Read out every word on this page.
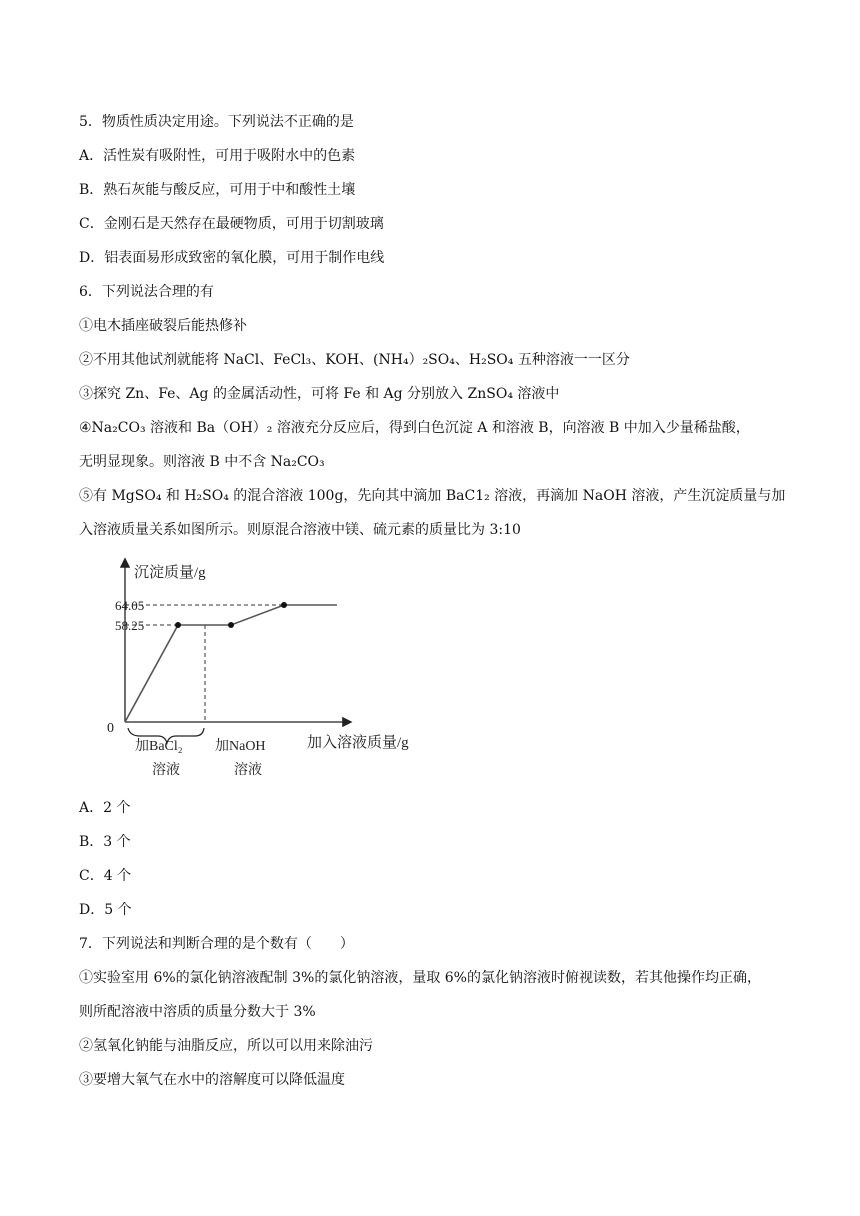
5．物质性质决定用途。下列说法不正确的是
A．活性炭有吸附性，可用于吸附水中的色素
B．熟石灰能与酸反应，可用于中和酸性土壤
C．金刚石是天然存在最硬物质，可用于切割玻璃
D．铝表面易形成致密的氧化膜，可用于制作电线
6．下列说法合理的有
①电木插座破裂后能热修补
②不用其他试剂就能将 NaCl、FeCl₃、KOH、(NH₄）₂SO₄、H₂SO₄ 五种溶液一一区分
③探究 Zn、Fe、Ag 的金属活动性，可将 Fe 和 Ag 分别放入 ZnSO₄ 溶液中
④Na₂CO₃ 溶液和 Ba（OH）₂ 溶液充分反应后，得到白色沉淀 A 和溶液 B，向溶液 B 中加入少量稀盐酸，
无明显现象。则溶液 B 中不含 Na₂CO₃
⑤有 MgSO₄ 和 H₂SO₄ 的混合溶液 100g，先向其中滴加 BaC1₂ 溶液，再滴加 NaOH 溶液，产生沉淀质量与加
入溶液质量关系如图所示。则原混合溶液中镁、硫元素的质量比为 3:10
沉淀质量/g
加入溶液质量/g
0
64.05
58.25
加BaCl₂
溶液
加NaOH
溶液
A．2 个
B．3 个
C．4 个
D．5 个
7．下列说法和判断合理的是个数有（　　）
①实验室用 6%的氯化钠溶液配制 3%的氯化钠溶液，量取 6%的氯化钠溶液时俯视读数，若其他操作均正确，
则所配溶液中溶质的质量分数大于 3%
②氢氧化钠能与油脂反应，所以可以用来除油污
③要增大氧气在水中的溶解度可以降低温度
